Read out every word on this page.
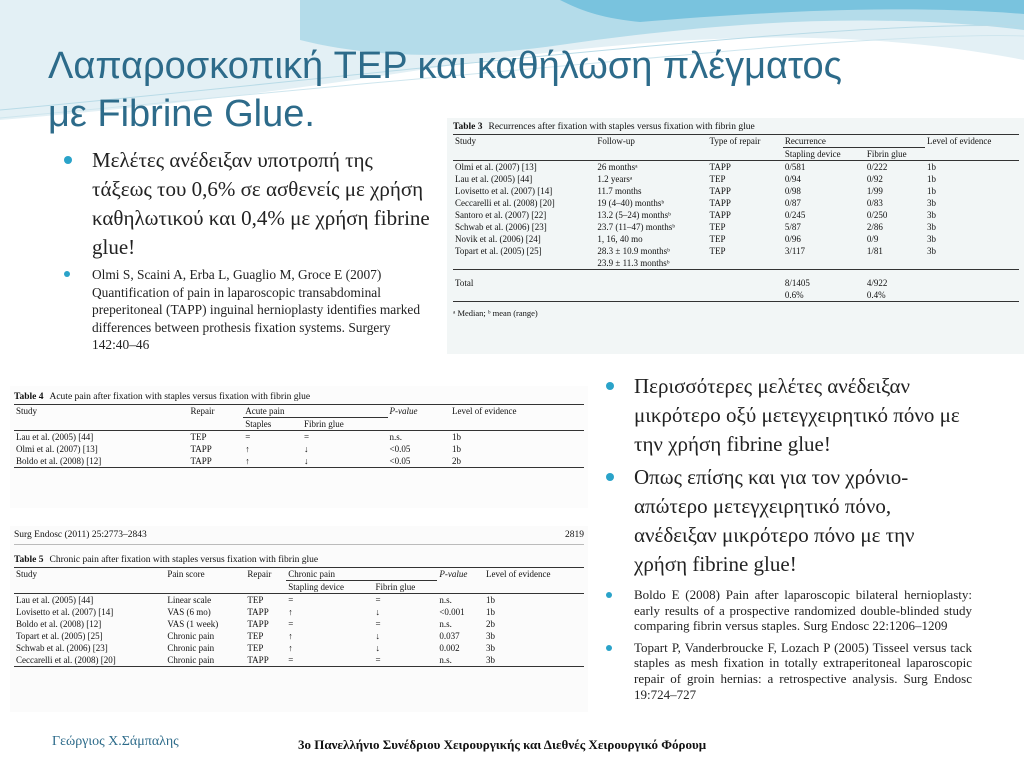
Λαπαροσκοπική TEP και καθήλωση πλέγματος
με Fibrine Glue.
Μελέτες ανέδειξαν υποτροπή της τάξεως του 0,6% σε ασθενείς με χρήση καθηλωτικού και 0,4% με χρήση fibrine glue!
Olmi S, Scaini A, Erba L, Guaglio M, Groce E (2007) Quantification of pain in laparoscopic transabdominal preperitoneal (TAPP) inguinal hernioplasty identifies marked differences between prothesis fixation systems. Surgery 142:40–46
Table 3 Recurrences after fixation with staples versus fixation with fibrin glue
Study	Follow-up	Type of repair	Recurrence		Level of evidence
			Stapling device	Fibrin glue	
Olmi et al. (2007) [13]	26 monthsᵃ	TAPP	0/581	0/222	1b
Lau et al. (2005) [44]	1.2 yearsᵃ	TEP	0/94	0/92	1b
Lovisetto et al. (2007) [14]	11.7 months	TAPP	0/98	1/99	1b
Ceccarelli et al. (2008) [20]	19 (4–40) monthsᵇ	TAPP	0/87	0/83	3b
Santoro et al. (2007) [22]	13.2 (5–24) monthsᵇ	TAPP	0/245	0/250	3b
Schwab et al. (2006) [23]	23.7 (11–47) monthsᵇ	TEP	5/87	2/86	3b
Novik et al. (2006) [24]	1, 16, 40 mo	TEP	0/96	0/9	3b
Topart et al. (2005) [25]	28.3 ± 10.9 monthsᵇ	TEP	3/117	1/81	3b
	23.9 ± 11.3 monthsᵇ				
Total			8/1405	4/922	
			0.6%	0.4%	
ᵃ Median; ᵇ mean (range)
Περισσότερες μελέτες ανέδειξαν μικρότερο οξύ μετεγχειρητικό πόνο με την χρήση fibrine glue!
Οπως επίσης και για τον χρόνιο-απώτερο μετεγχειρητικό πόνο, ανέδειξαν μικρότερο πόνο με την χρήση fibrine glue!
Boldo E (2008) Pain after laparoscopic bilateral hernioplasty: early results of a prospective randomized double-blinded study comparing fibrin versus staples. Surg Endosc 22:1206–1209
Topart P, Vanderbroucke F, Lozach P (2005) Tisseel versus tack staples as mesh fixation in totally extraperitoneal laparoscopic repair of groin hernias: a retrospective analysis. Surg Endosc 19:724–727
Table 4 Acute pain after fixation with staples versus fixation with fibrin glue
Study	Repair	Acute pain		P-value	Level of evidence
		Staples	Fibrin glue		
Lau et al. (2005) [44]	TEP	=	=	n.s.	1b
Olmi et al. (2007) [13]	TAPP	↑	↓	<0.05	1b
Boldo et al. (2008) [12]	TAPP	↑	↓	<0.05	2b
Surg Endosc (2011) 25:2773–2843	2819
Table 5 Chronic pain after fixation with staples versus fixation with fibrin glue
Study	Pain score	Repair	Chronic pain		P-value	Level of evidence
			Stapling device	Fibrin glue		
Lau et al. (2005) [44]	Linear scale	TEP	=	=	n.s.	1b
Lovisetto et al. (2007) [14]	VAS (6 mo)	TAPP	↑	↓	<0.001	1b
Boldo et al. (2008) [12]	VAS (1 week)	TAPP	=	=	n.s.	2b
Topart et al. (2005) [25]	Chronic pain	TEP	↑	↓	0.037	3b
Schwab et al. (2006) [23]	Chronic pain	TEP	↑	↓	0.002	3b
Ceccarelli et al. (2008) [20]	Chronic pain	TAPP	=	=	n.s.	3b
Γεώργιος Χ.Σάμπαλης	3ο Πανελλήνιο Συνέδριου Χειρουργικής και Διεθνές Χειρουργικό Φόρουμ
